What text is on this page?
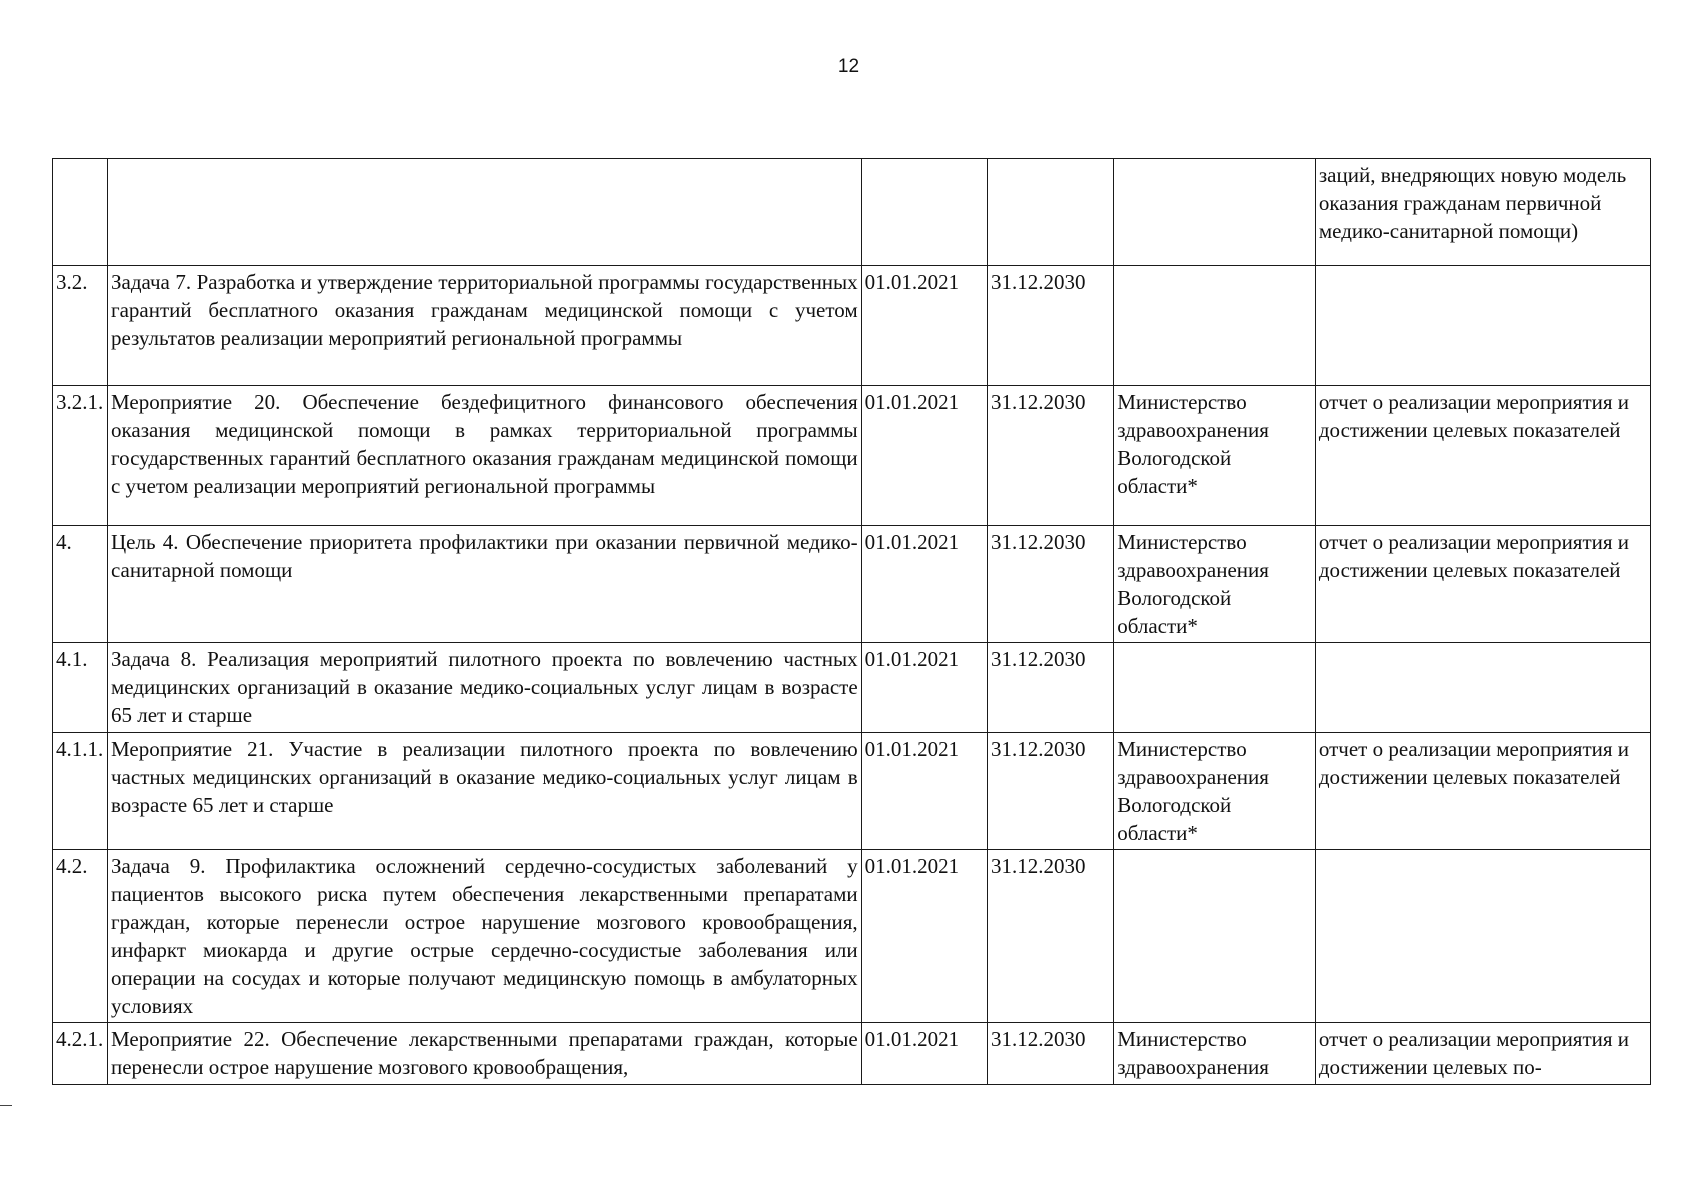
12
					заций, внедряющих новую модель оказания гражданам первичной медико-санитарной помощи)
3.2.	Задача 7. Разработка и утверждение территориальной программы государственных гарантий бесплатного оказания гражданам медицинской помощи с учетом результатов реализации мероприятий региональной программы	01.01.2021	31.12.2030		
3.2.1.	Мероприятие 20. Обеспечение бездефицитного финансового обеспечения оказания медицинской помощи в рамках территориальной программы государственных гарантий бесплатного оказания гражданам медицинской помощи с учетом реализации мероприятий региональной программы	01.01.2021	31.12.2030	Министерство здравоохранения Вологодской области*	отчет о реализации мероприятия и достижении целевых показателей
4.	Цель 4. Обеспечение приоритета профилактики при оказании первичной медико-санитарной помощи	01.01.2021	31.12.2030	Министерство здравоохранения Вологодской области*	отчет о реализации мероприятия и достижении целевых показателей
4.1.	Задача 8. Реализация мероприятий пилотного проекта по вовлечению частных медицинских организаций в оказание медико-социальных услуг лицам в возрасте 65 лет и старше	01.01.2021	31.12.2030		
4.1.1.	Мероприятие 21. Участие в реализации пилотного проекта по вовлечению частных медицинских организаций в оказание медико-социальных услуг лицам в возрасте 65 лет и старше	01.01.2021	31.12.2030	Министерство здравоохранения Вологодской области*	отчет о реализации мероприятия и достижении целевых показателей
4.2.	Задача 9. Профилактика осложнений сердечно-сосудистых заболеваний у пациентов высокого риска путем обеспечения лекарственными препаратами граждан, которые перенесли острое нарушение мозгового кровообращения, инфаркт миокарда и другие острые сердечно-сосудистые заболевания или операции на сосудах и которые получают медицинскую помощь в амбулаторных условиях	01.01.2021	31.12.2030		
4.2.1.	Мероприятие 22. Обеспечение лекарственными препаратами граждан, которые перенесли острое нарушение мозгового кровообращения,	01.01.2021	31.12.2030	Министерство здравоохранения	отчет о реализации мероприятия и достижении целевых по-
